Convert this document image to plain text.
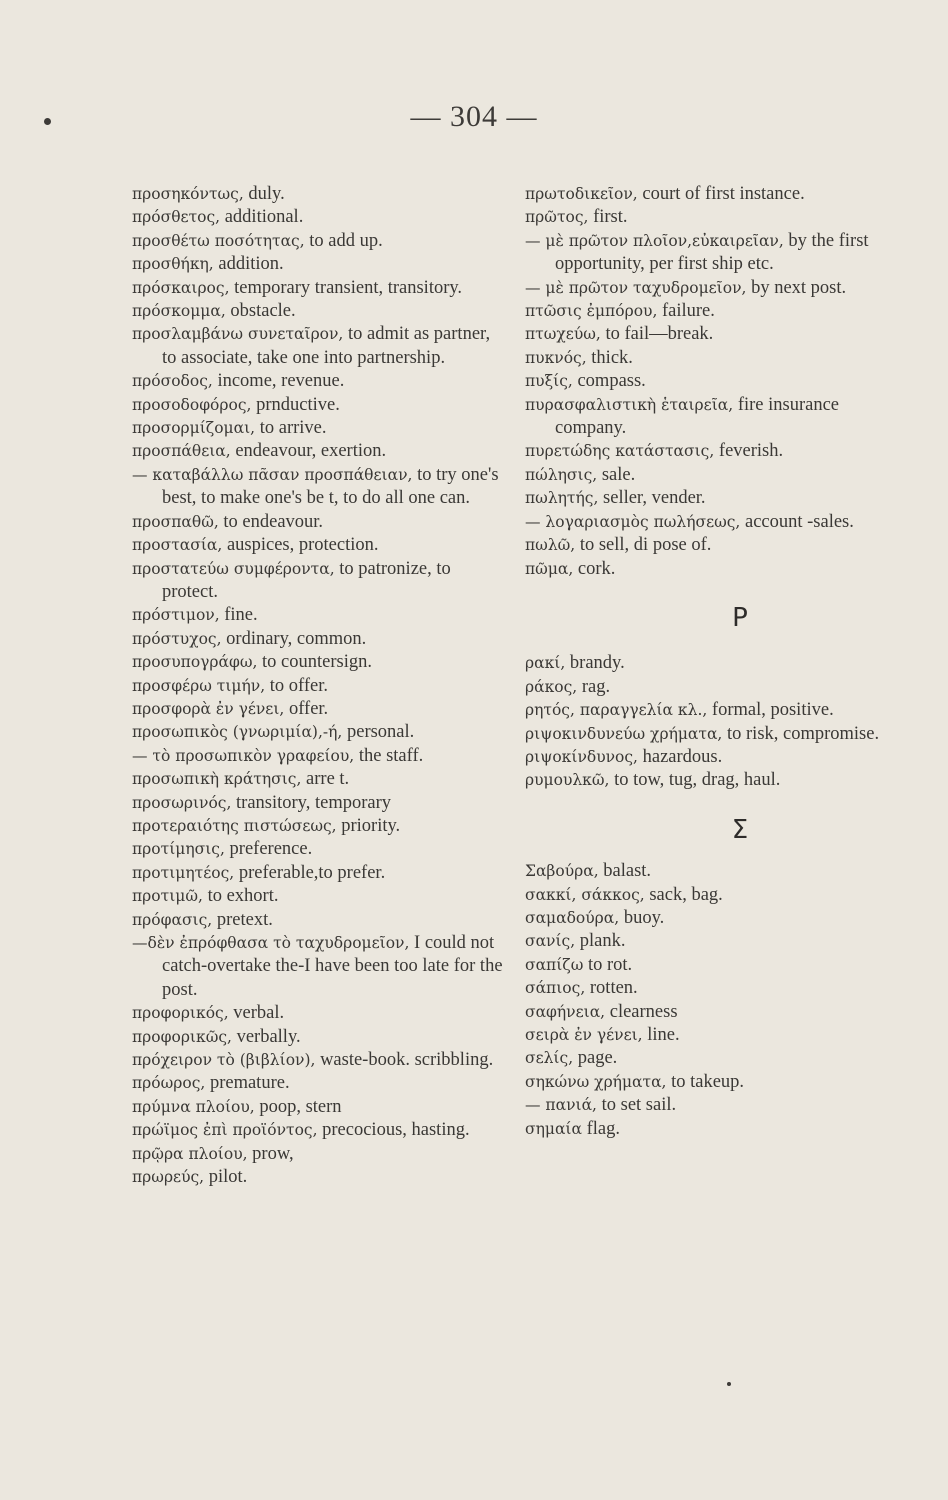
— 304 —
προσηκόντως, duly.
πρόσθετος, additional.
προσθέτω ποσότητας, to add up.
προσθήκη, addition.
πρόσκαιρος, temporary transient, transitory.
πρόσκομμα, obstacle.
προσλαμβάνω συνεταῖρον, to admit as partner, to associate, take one into partnership.
πρόσοδος, income, revenue.
προσοδοφόρος, prnductive.
προσορμίζομαι, to arrive.
προσπάθεια, endeavour, exertion.
— καταβάλλω πᾶσαν προσπάθειαν, to try one's best, to make one's be t, to do all one can.
προσπαθῶ, to endeavour.
προστασία, auspices, protection.
προστατεύω συμφέροντα, to patronize, to protect.
πρόστιμον, fine.
πρόστυχος, ordinary, common.
προσυπογράφω, to countersign.
προσφέρω τιμήν, to offer.
προσφορὰ ἐν γένει, offer.
προσωπικὸς (γνωριμία),-ή, personal.
— τὸ προσωπικὸν γραφείου, the staff.
προσωπικὴ κράτησις, arre t.
προσωρινός, transitory, temporary
προτεραιότης πιστώσεως, priority.
προτίμησις, preference.
προτιμητέος, preferable,to prefer.
προτιμῶ, to exhort.
πρόφασις, pretext.
—δὲν ἐπρόφθασα τὸ ταχυδρομεῖον, I could not catch-overtake the-I have been too late for the post.
προφορικός, verbal.
προφορικῶς, verbally.
πρόχειρον τὸ (βιβλίον), waste-book. scribbling.
πρόωρος, premature.
πρύμνα πλοίου, poop, stern
πρώϊμος ἐπὶ προϊόντος, precocious, hasting.
πρῷρα πλοίου, prow,
πρωρεύς, pilot.
πρωτοδικεῖον, court of first instance.
πρῶτος, first.
— μὲ πρῶτον πλοῖον,εὐκαιρεῖαν, by the first opportunity, per first ship etc.
— μὲ πρῶτον ταχυδρομεῖον, by next post.
πτῶσις ἐμπόρου, failure.
πτωχεύω, to fail—break.
πυκνός, thick.
πυξίς, compass.
πυρασφαλιστικὴ ἑταιρεῖα, fire insurance company.
πυρετώδης κατάστασις, feverish.
πώλησις, sale.
πωλητής, seller, vender.
— λογαριασμὸς πωλήσεως, account -sales.
πωλῶ, to sell, di pose of.
πῶμα, cork.
P
ρακί, brandy.
ράκος, rag.
ρητός, παραγγελία κλ., formal, positive.
ριψοκινδυνεύω χρήματα, to risk, compromise.
ριψοκίνδυνος, hazardous.
ρυμουλκῶ, to tow, tug, drag, haul.
Σ
Σαβούρα, balast.
σακκί, σάκκος, sack, bag.
σαμαδούρα, buoy.
σανίς, plank.
σαπίζω to rot.
σάπιος, rotten.
σαφήνεια, clearness
σειρὰ ἐν γένει, line.
σελίς, page.
σηκώνω χρήματα, to takeup.
— πανιά, to set sail.
σημαία flag.
